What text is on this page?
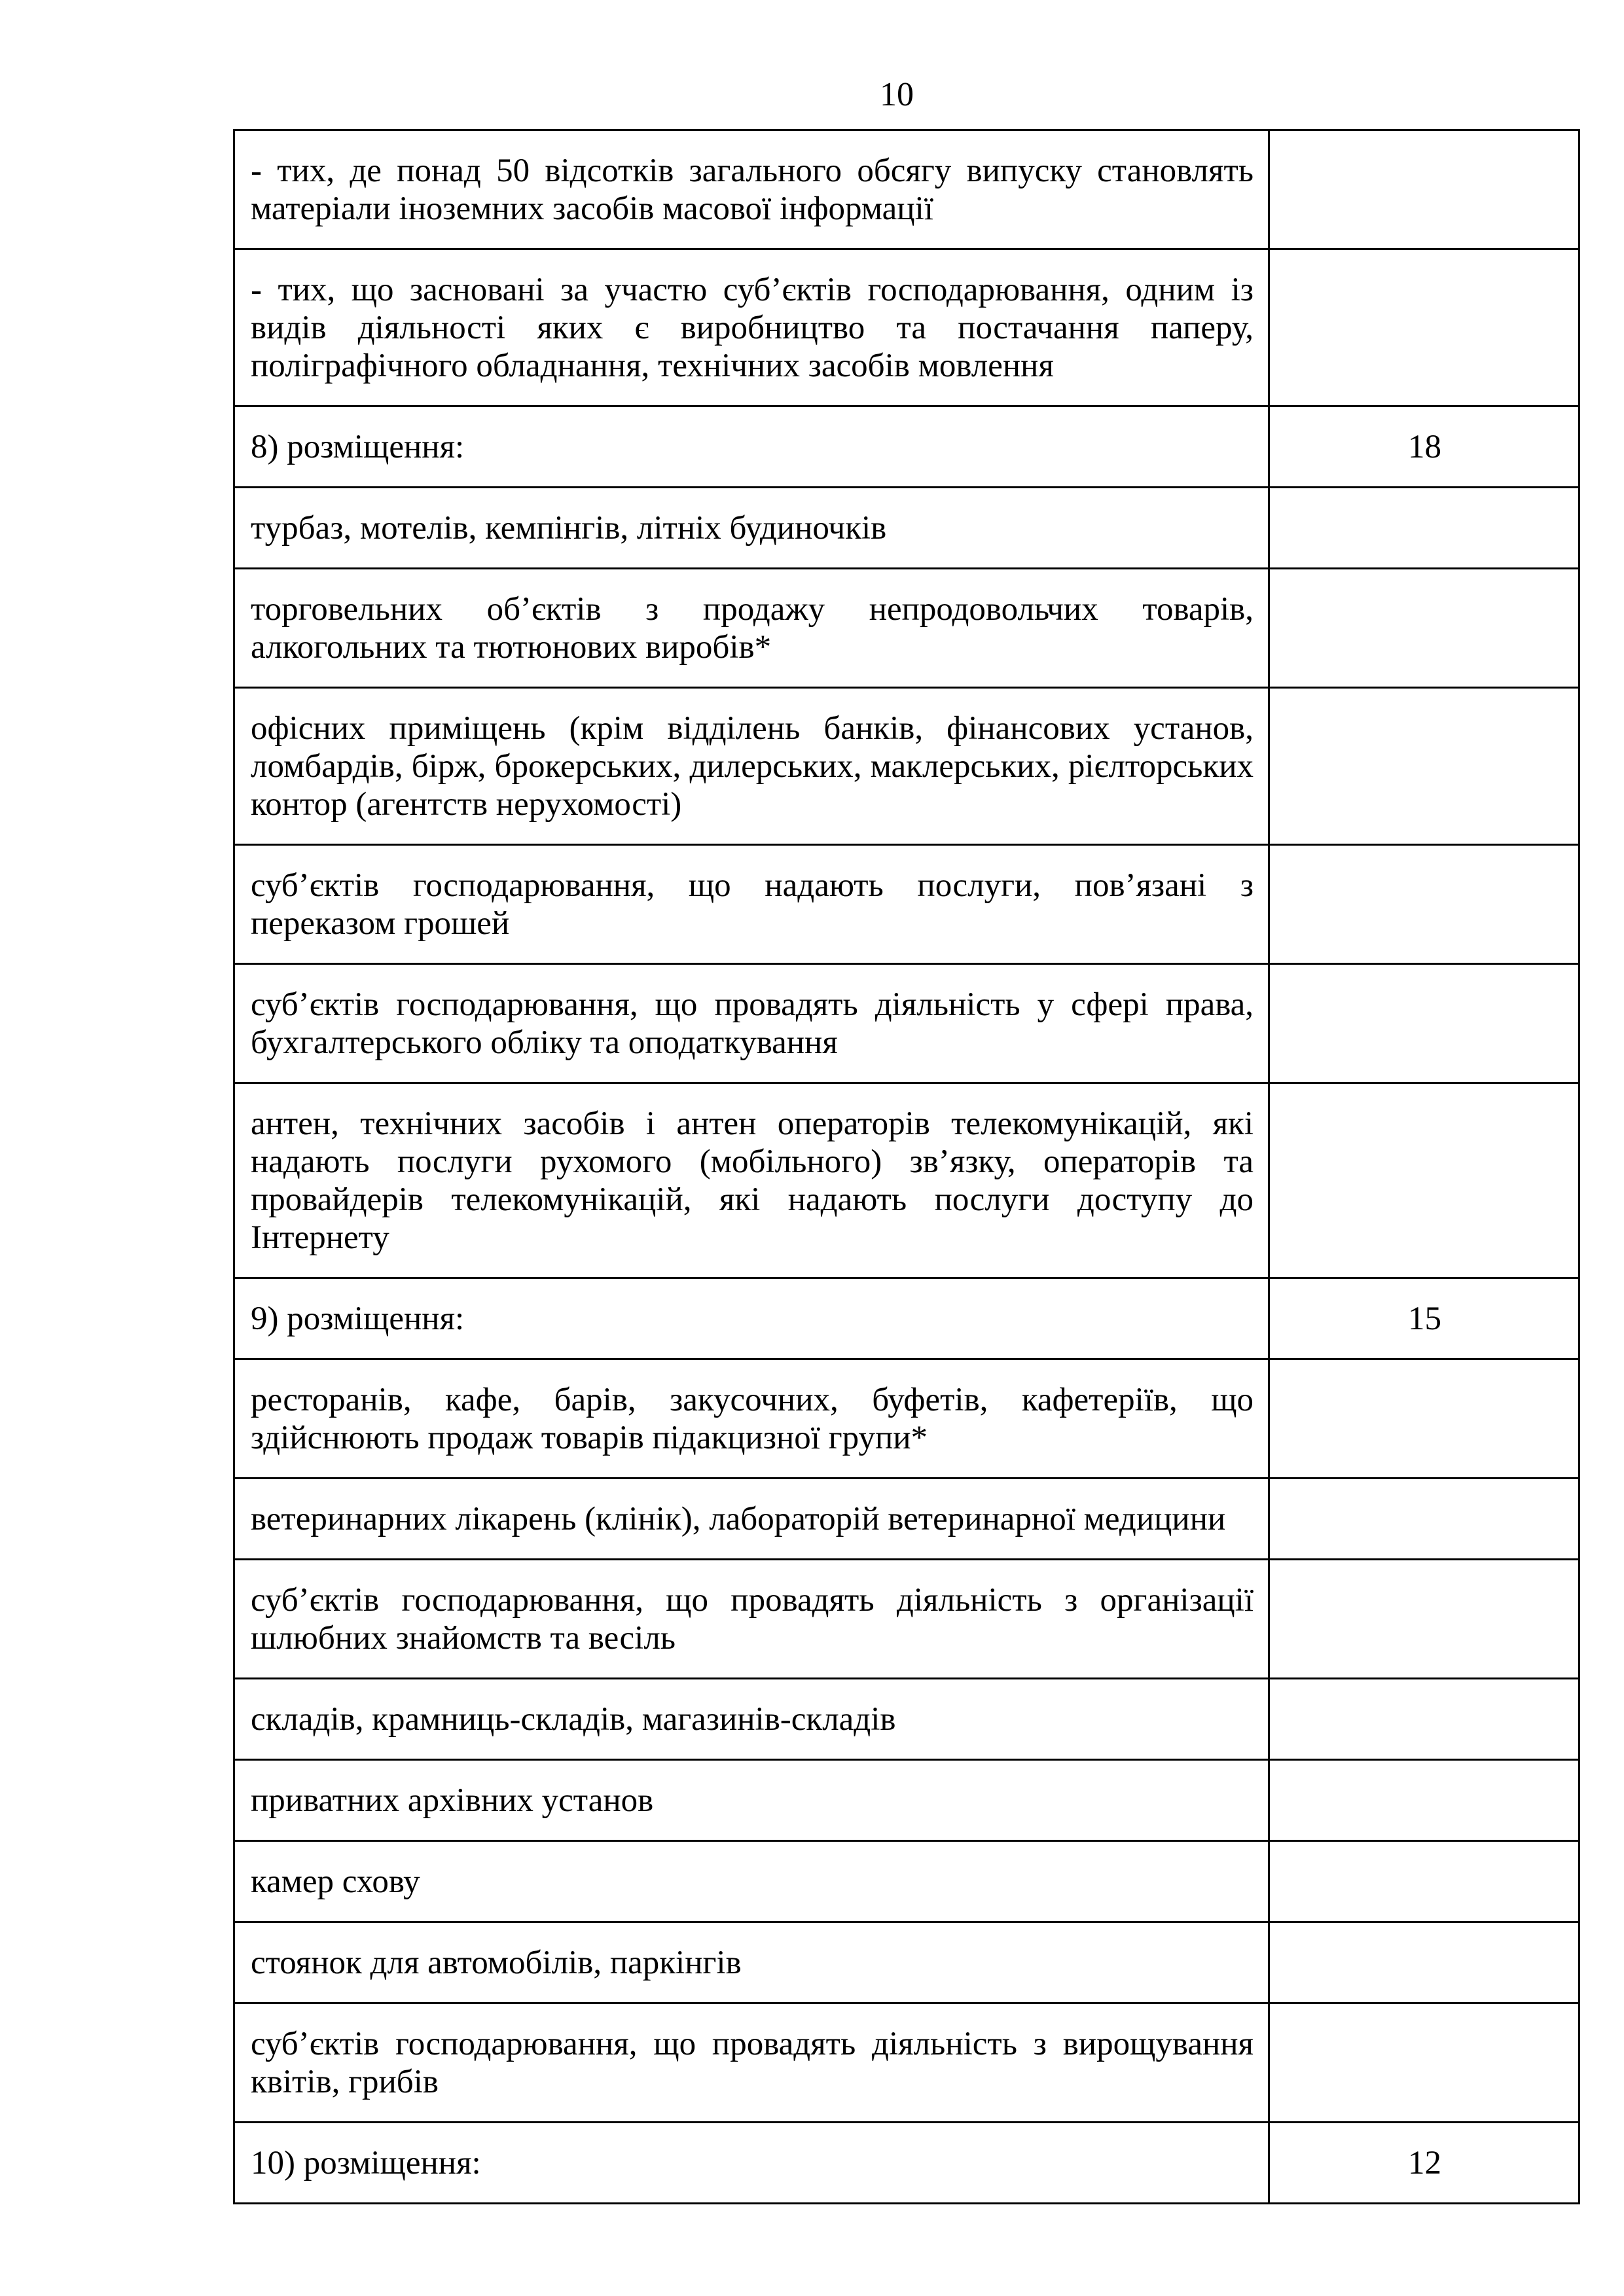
10
- тих, де понад 50 відсотків загального обсягу випуску становлять матеріали іноземних засобів масової інформації	
- тих, що засновані за участю суб’єктів господарювання, одним із видів діяльності яких є виробництво та постачання паперу, поліграфічного обладнання, технічних засобів мовлення	
8) розміщення:	18
турбаз, мотелів, кемпінгів, літніх будиночків	
торговельних об’єктів з продажу непродовольчих товарів, алкогольних та тютюнових виробів*	
офісних приміщень (крім відділень банків, фінансових установ, ломбардів, бірж, брокерських, дилерських, маклерських, рієлторських контор (агентств нерухомості)	
суб’єктів господарювання, що надають послуги, пов’язані з переказом грошей	
суб’єктів господарювання, що провадять діяльність у сфері права, бухгалтерського обліку та оподаткування	
антен, технічних засобів і антен операторів телекомунікацій, які надають послуги рухомого (мобільного) зв’язку, операторів та провайдерів телекомунікацій, які надають послуги доступу до Інтернету	
9) розміщення:	15
ресторанів, кафе, барів, закусочних, буфетів, кафетеріїв, що здійснюють продаж товарів підакцизної групи*	
ветеринарних лікарень (клінік), лабораторій ветеринарної медицини	
суб’єктів господарювання, що провадять діяльність з організації шлюбних знайомств та весіль	
складів, крамниць-складів, магазинів-складів	
приватних архівних установ	
камер схову	
стоянок для автомобілів, паркінгів	
суб’єктів господарювання, що провадять діяльність з вирощування квітів, грибів	
10) розміщення:	12
